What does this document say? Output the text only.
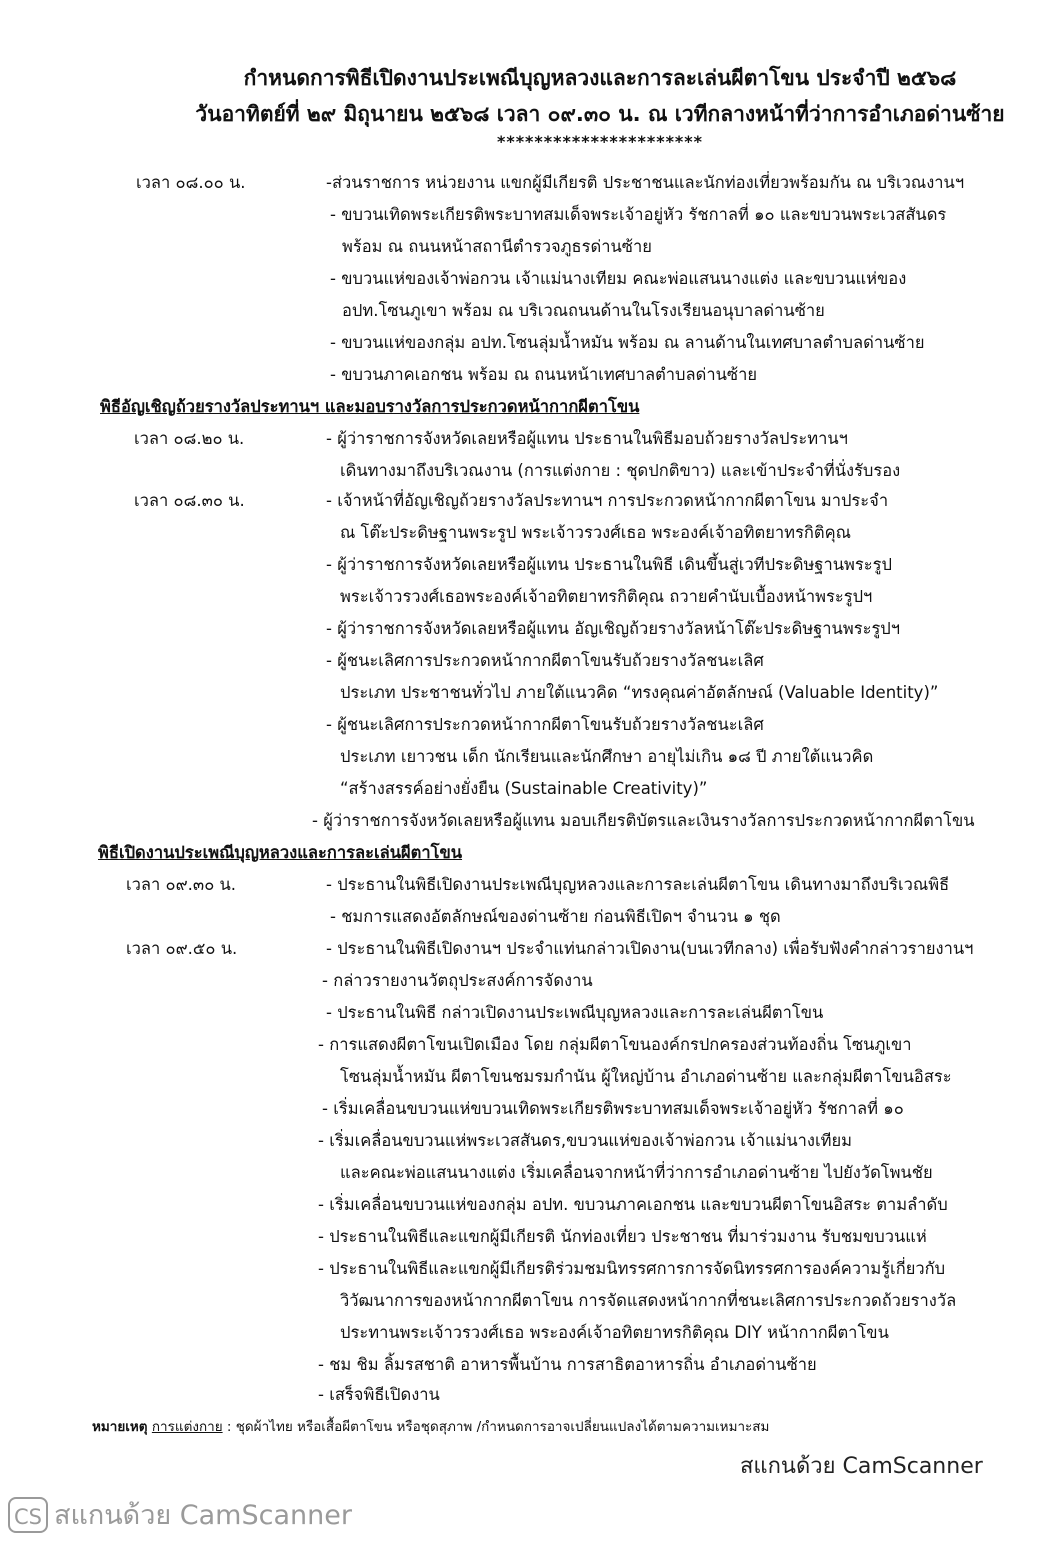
กำหนดการพิธีเปิดงานประเพณีบุญหลวงและการละเล่นผีตาโขน ประจำปี ๒๕๖๘
วันอาทิตย์ที่ ๒๙ มิถุนายน ๒๕๖๘ เวลา ๐๙.๓๐ น. ณ เวทีกลางหน้าที่ว่าการอำเภอด่านซ้าย
**********************
เวลา ๐๘.๐๐ น.	-ส่วนราชการ หน่วยงาน แขกผู้มีเกียรติ ประชาชนและนักท่องเที่ยวพร้อมกัน ณ บริเวณงานฯ
- ขบวนเทิดพระเกียรติพระบาทสมเด็จพระเจ้าอยู่หัว รัชกาลที่ ๑๐ และขบวนพระเวสสันดร
พร้อม ณ ถนนหน้าสถานีตำรวจภูธรด่านซ้าย
- ขบวนแห่ของเจ้าพ่อกวน เจ้าแม่นางเทียม คณะพ่อแสนนางแต่ง และขบวนแห่ของ
อปท.โซนภูเขา พร้อม ณ บริเวณถนนด้านในโรงเรียนอนุบาลด่านซ้าย
- ขบวนแห่ของกลุ่ม อปท.โซนลุ่มน้ำหมัน พร้อม ณ ลานด้านในเทศบาลตำบลด่านซ้าย
- ขบวนภาคเอกชน พร้อม ณ ถนนหน้าเทศบาลตำบลด่านซ้าย
พิธีอัญเชิญถ้วยรางวัลประทานฯ และมอบรางวัลการประกวดหน้ากากผีตาโขน
เวลา ๐๘.๒๐ น.	- ผู้ว่าราชการจังหวัดเลยหรือผู้แทน ประธานในพิธีมอบถ้วยรางวัลประทานฯ
เดินทางมาถึงบริเวณงาน (การแต่งกาย : ชุดปกติขาว) และเข้าประจำที่นั่งรับรอง
เวลา ๐๘.๓๐ น.	- เจ้าหน้าที่อัญเชิญถ้วยรางวัลประทานฯ การประกวดหน้ากากผีตาโขน มาประจำ
ณ โต๊ะประดิษฐานพระรูป พระเจ้าวรวงศ์เธอ พระองค์เจ้าอทิตยาทรกิติคุณ
- ผู้ว่าราชการจังหวัดเลยหรือผู้แทน ประธานในพิธี เดินขึ้นสู่เวทีประดิษฐานพระรูป
พระเจ้าวรวงศ์เธอพระองค์เจ้าอทิตยาทรกิติคุณ ถวายคำนับเบื้องหน้าพระรูปฯ
- ผู้ว่าราชการจังหวัดเลยหรือผู้แทน อัญเชิญถ้วยรางวัลหน้าโต๊ะประดิษฐานพระรูปฯ
- ผู้ชนะเลิศการประกวดหน้ากากผีตาโขนรับถ้วยรางวัลชนะเลิศ
ประเภท ประชาชนทั่วไป ภายใต้แนวคิด “ทรงคุณค่าอัตลักษณ์ (Valuable Identity)”
- ผู้ชนะเลิศการประกวดหน้ากากผีตาโขนรับถ้วยรางวัลชนะเลิศ
ประเภท เยาวชน เด็ก นักเรียนและนักศึกษา อายุไม่เกิน ๑๘ ปี ภายใต้แนวคิด
“สร้างสรรค์อย่างยั่งยืน (Sustainable Creativity)”
- ผู้ว่าราชการจังหวัดเลยหรือผู้แทน มอบเกียรติบัตรและเงินรางวัลการประกวดหน้ากากผีตาโขน
พิธีเปิดงานประเพณีบุญหลวงและการละเล่นผีตาโขน
เวลา ๐๙.๓๐ น.	- ประธานในพิธีเปิดงานประเพณีบุญหลวงและการละเล่นผีตาโขน เดินทางมาถึงบริเวณพิธี
- ชมการแสดงอัตลักษณ์ของด่านซ้าย ก่อนพิธีเปิดฯ จำนวน ๑ ชุด
เวลา ๐๙.๕๐ น.	- ประธานในพิธีเปิดงานฯ ประจำแท่นกล่าวเปิดงาน(บนเวทีกลาง) เพื่อรับฟังคำกล่าวรายงานฯ
- กล่าวรายงานวัตถุประสงค์การจัดงาน
- ประธานในพิธี กล่าวเปิดงานประเพณีบุญหลวงและการละเล่นผีตาโขน
- การแสดงผีตาโขนเปิดเมือง โดย กลุ่มผีตาโขนองค์กรปกครองส่วนท้องถิ่น โซนภูเขา
โซนลุ่มน้ำหมัน ผีตาโขนชมรมกำนัน ผู้ใหญ่บ้าน อำเภอด่านซ้าย และกลุ่มผีตาโขนอิสระ
- เริ่มเคลื่อนขบวนแห่ขบวนเทิดพระเกียรติพระบาทสมเด็จพระเจ้าอยู่หัว รัชกาลที่ ๑๐
- เริ่มเคลื่อนขบวนแห่พระเวสสันดร,ขบวนแห่ของเจ้าพ่อกวน เจ้าแม่นางเทียม
และคณะพ่อแสนนางแต่ง เริ่มเคลื่อนจากหน้าที่ว่าการอำเภอด่านซ้าย ไปยังวัดโพนชัย
- เริ่มเคลื่อนขบวนแห่ของกลุ่ม อปท. ขบวนภาคเอกชน และขบวนผีตาโขนอิสระ ตามลำดับ
- ประธานในพิธีและแขกผู้มีเกียรติ นักท่องเที่ยว ประชาชน ที่มาร่วมงาน รับชมขบวนแห่
- ประธานในพิธีและแขกผู้มีเกียรติร่วมชมนิทรรศการการจัดนิทรรศการองค์ความรู้เกี่ยวกับ
วิวัฒนาการของหน้ากากผีตาโขน การจัดแสดงหน้ากากที่ชนะเลิศการประกวดถ้วยรางวัล
ประทานพระเจ้าวรวงศ์เธอ พระองค์เจ้าอทิตยาทรกิติคุณ DIY หน้ากากผีตาโขน
- ชม ชิม ลิ้มรสชาติ อาหารพื้นบ้าน การสาธิตอาหารถิ่น อำเภอด่านซ้าย
- เสร็จพิธีเปิดงาน
หมายเหตุ การแต่งกาย : ชุดผ้าไทย หรือเสื้อผีตาโขน หรือชุดสุภาพ /กำหนดการอาจเปลี่ยนแปลงได้ตามความเหมาะสม
สแกนด้วย CamScanner
CS สแกนด้วย CamScanner
